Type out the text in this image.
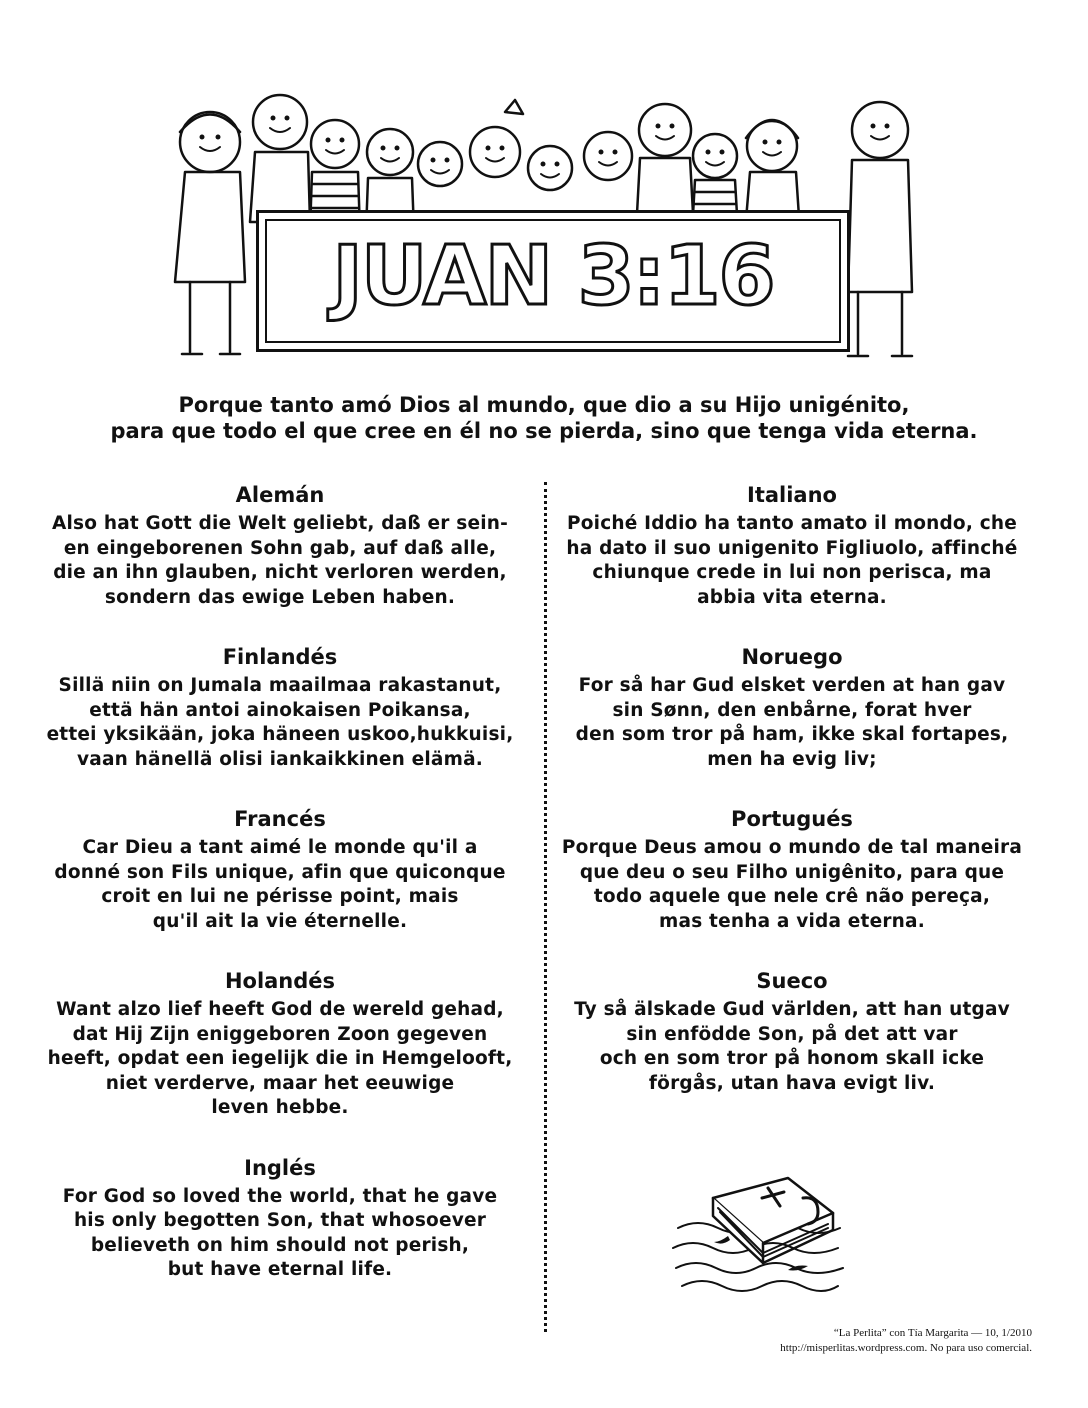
JUAN 3:16
Porque tanto amó Dios al mundo, que dio a su Hijo unigénito,
para que todo el que cree en él no se pierda, sino que tenga vida eterna.
Alemán
Also hat Gott die Welt geliebt, daß er sein-
en eingeborenen Sohn gab, auf daß alle,
die an ihn glauben, nicht verloren werden,
sondern das ewige Leben haben.
Finlandés
Sillä niin on Jumala maailmaa rakastanut,
että hän antoi ainokaisen Poikansa,
ettei yksikään, joka häneen uskoo,hukkuisi,
vaan hänellä olisi iankaikkinen elämä.
Francés
Car Dieu a tant aimé le monde qu'il a
donné son Fils unique, afin que quiconque
croit en lui ne périsse point, mais
qu'il ait la vie éternelle.
Holandés
Want alzo lief heeft God de wereld gehad,
dat Hij Zijn eniggeboren Zoon gegeven
heeft, opdat een iegelijk die in Hemgelooft,
niet verderve, maar het eeuwige
leven hebbe.
Inglés
For God so loved the world, that he gave
his only begotten Son, that whosoever
believeth on him should not perish,
but have eternal life.
Italiano
Poiché Iddio ha tanto amato il mondo, che
ha dato il suo unigenito Figliuolo, affinché
chiunque crede in lui non perisca, ma
abbia vita eterna.
Noruego
For så har Gud elsket verden at han gav
sin Sønn, den enbårne, forat hver
den som tror på ham, ikke skal fortapes,
men ha evig liv;
Portugués
Porque Deus amou o mundo de tal maneira
que deu o seu Filho unigênito, para que
todo aquele que nele crê não pereça,
mas tenha a vida eterna.
Sueco
Ty så älskade Gud världen, att han utgav
sin enfödde Son, på det att var
och en som tror på honom skall icke
förgås, utan hava evigt liv.
“La Perlita” con Tía Margarita — 10, 1/2010
http://misperlitas.wordpress.com. No para uso comercial.
